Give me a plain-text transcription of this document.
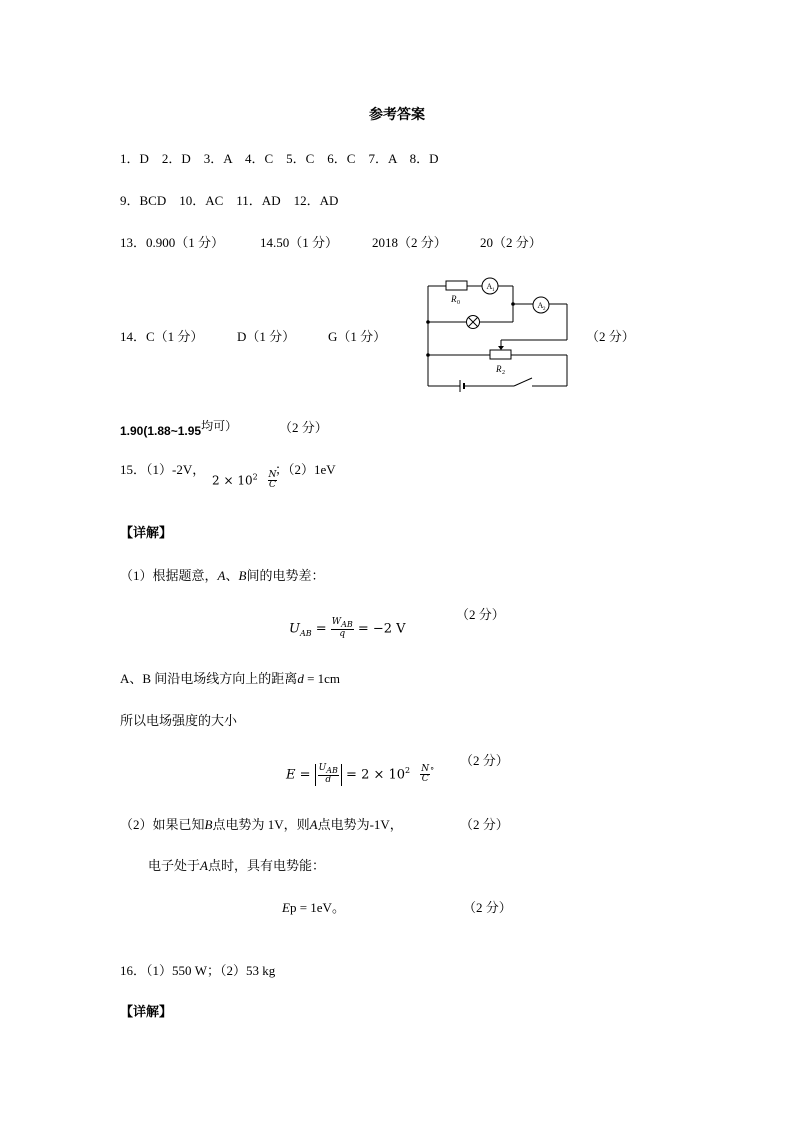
参考答案
1．D　2．D　3．A　4．C　5．C　6．C　7．A　8．D
9．BCD　10．AC　11．AD　12．AD
13．0.900（1 分）	14.50（1 分）	2018（2 分）	20（2 分）
14．C（1 分）	D（1 分）	G（1 分）	（2 分）
R 0
A 1
A 2
R 2
1.90(1.88~1.95均可）	（2 分）
15．（1）-2V，
$2 \times 10^2 \frac{N}{C}$
；（2）1eV
【详解】
（1）根据题意，A、B间的电势差：
（2 分）
$U_{AB} = \frac{W_{AB}}{q} = -2$ V
A、B 间沿电场线方向上的距离d = 1cm
所以电场强度的大小
（2 分）
$E = \frac{U_{AB}}{d} = 2 \times 10^2 \frac{N}{C} ^\circ$
（2）如果已知B点电势为 1V，则A点电势为-1V，	（2 分）
电子处于A点时，具有电势能：
Ep = 1eV。	（2 分）
16．（1）550 W；（2）53 kg
【详解】
